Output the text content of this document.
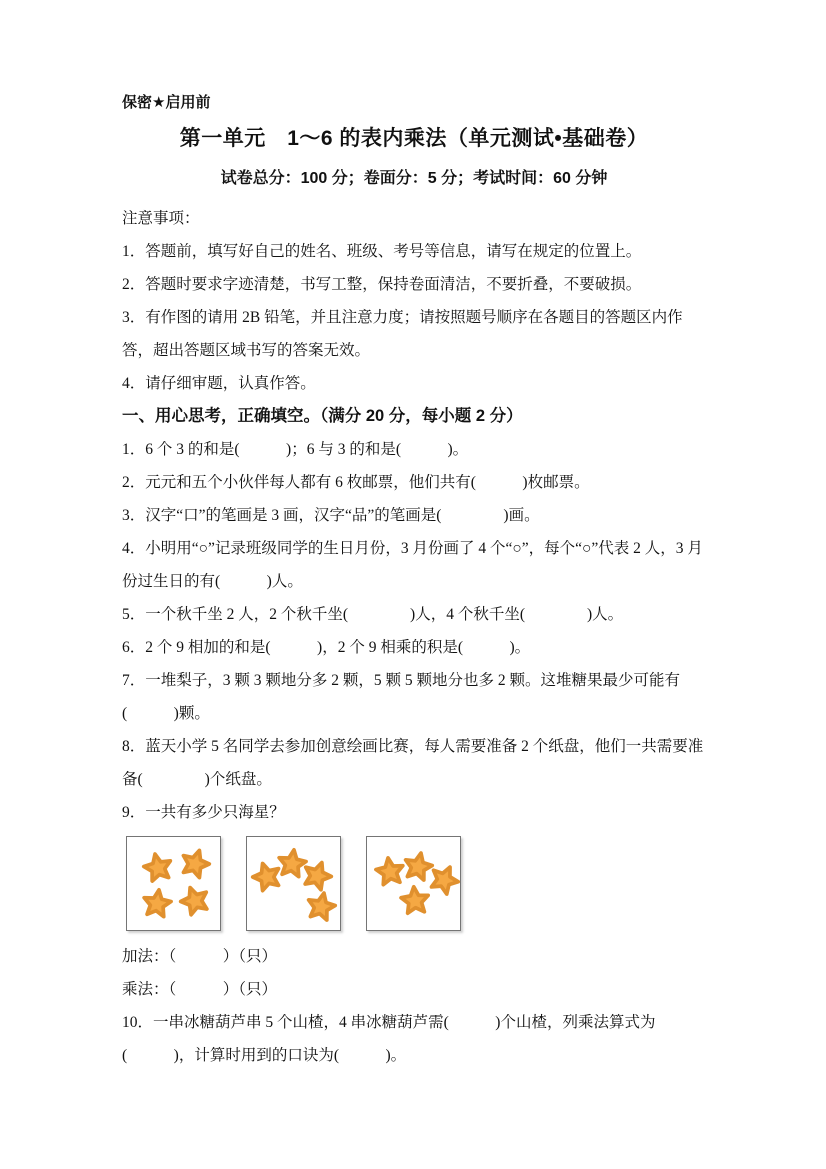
保密★启用前
第一单元　1～6 的表内乘法（单元测试•基础卷）
试卷总分：100 分；卷面分：5 分；考试时间：60 分钟

注意事项：

1．答题前，填写好自己的姓名、班级、考号等信息，请写在规定的位置上。

2．答题时要求字迹清楚，书写工整，保持卷面清洁，不要折叠，不要破损。

3．有作图的请用 2B 铅笔，并且注意力度；请按照题号顺序在各题目的答题区内作答，超出答题区域书写的答案无效。

4．请仔细审题，认真作答。

一、用心思考，正确填空。（满分 20 分，每小题 2 分）

1．6 个 3 的和是(　　　)；6 与 3 的和是(　　　)。

2．元元和五个小伙伴每人都有 6 枚邮票，他们共有(　　　)枚邮票。

3．汉字“口”的笔画是 3 画，汉字“品”的笔画是(　　　　)画。

4．小明用“○”记录班级同学的生日月份，3 月份画了 4 个“○”，每个“○”代表 2 人，3 月份过生日的有(　　　)人。

5．一个秋千坐 2 人，2 个秋千坐(　　　　)人，4 个秋千坐(　　　　)人。

6．2 个 9 相加的和是(　　　)，2 个 9 相乘的积是(　　　)。

7．一堆梨子，3 颗 3 颗地分多 2 颗，5 颗 5 颗地分也多 2 颗。这堆糖果最少可能有(　　　)颗。

8．蓝天小学 5 名同学去参加创意绘画比赛，每人需要准备 2 个纸盘，他们一共需要准备(　　　　)个纸盘。

9．一共有多少只海星？

加法：（　　　）（只）

乘法：（　　　）（只）

10．一串冰糖葫芦串 5 个山楂，4 串冰糖葫芦需(　　　)个山楂，列乘法算式为(　　　)，计算时用到的口诀为(　　　)。
